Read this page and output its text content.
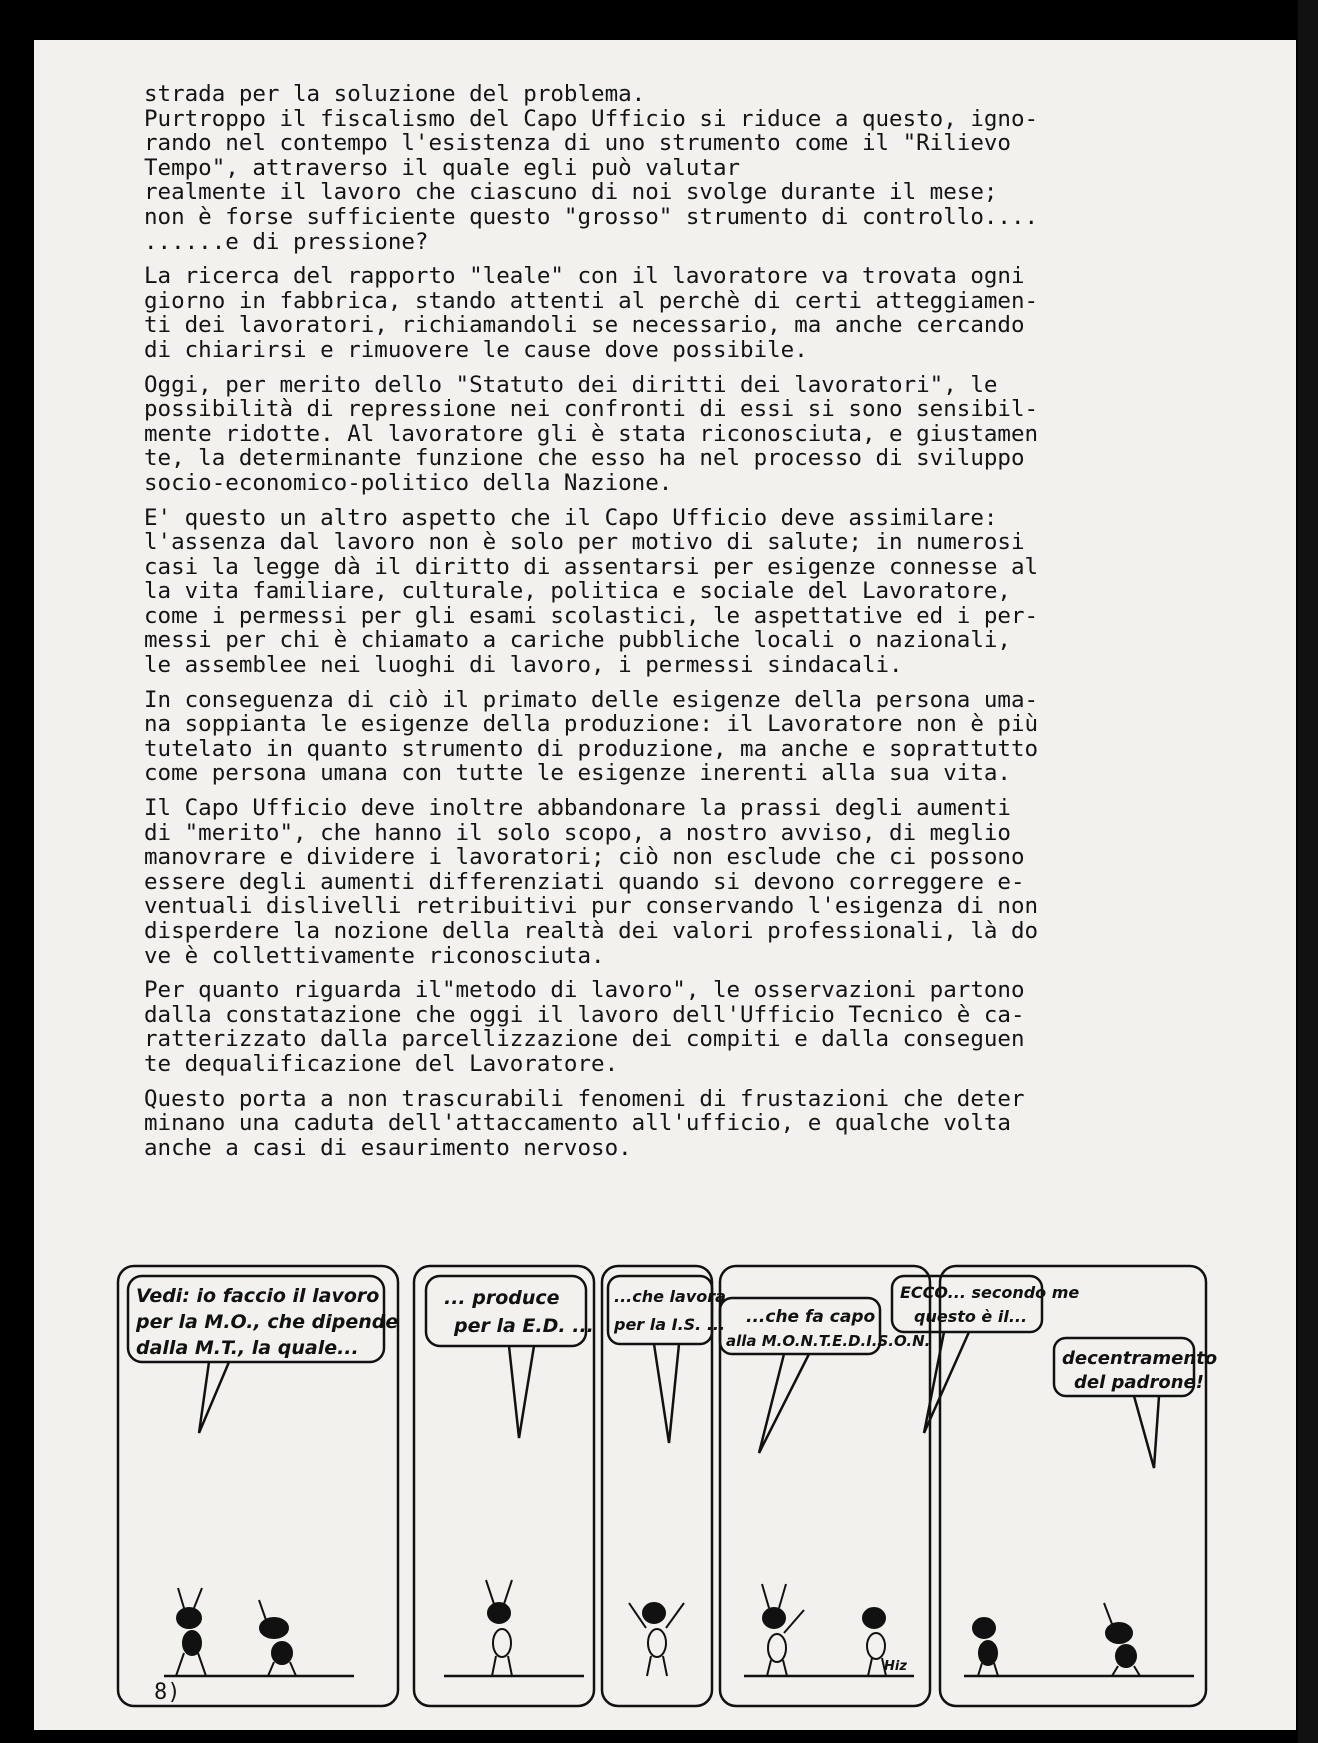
strada per la soluzione del problema.
Purtroppo il fiscalismo del Capo Ufficio si riduce a questo, igno-
rando nel contempo l'esistenza di uno strumento come il "Rilievo
Tempo", attraverso il quale egli può valutar
realmente il lavoro che ciascuno di noi svolge durante il mese;
non è forse sufficiente questo "grosso" strumento di controllo....
......e di pressione?

La ricerca del rapporto "leale" con il lavoratore va trovata ogni
giorno in fabbrica, stando attenti al perchè di certi atteggiamen-
ti dei lavoratori, richiamandoli se necessario, ma anche cercando
di chiarirsi e rimuovere le cause dove possibile.

Oggi, per merito dello "Statuto dei diritti dei lavoratori", le
possibilità di repressione nei confronti di essi si sono sensibil-
mente ridotte. Al lavoratore gli è stata riconosciuta, e giustamen
te, la determinante funzione che esso ha nel processo di sviluppo
socio-economico-politico della Nazione.

E' questo un altro aspetto che il Capo Ufficio deve assimilare:
l'assenza dal lavoro non è solo per motivo di salute; in numerosi
casi la legge dà il diritto di assentarsi per esigenze connesse al
la vita familiare, culturale, politica e sociale del Lavoratore,
come i permessi per gli esami scolastici, le aspettative ed i per-
messi per chi è chiamato a cariche pubbliche locali o nazionali,
le assemblee nei luoghi di lavoro, i permessi sindacali.

In conseguenza di ciò il primato delle esigenze della persona uma-
na soppianta le esigenze della produzione: il Lavoratore non è più
tutelato in quanto strumento di produzione, ma anche e soprattutto
come persona umana con tutte le esigenze inerenti alla sua vita.

Il Capo Ufficio deve inoltre abbandonare la prassi degli aumenti
di "merito", che hanno il solo scopo, a nostro avviso, di meglio
manovrare e dividere i lavoratori; ciò non esclude che ci possono
essere degli aumenti differenziati quando si devono correggere e-
ventuali dislivelli retribuitivi pur conservando l'esigenza di non
disperdere la nozione della realtà dei valori professionali, là do
ve è collettivamente riconosciuta.

Per quanto riguarda il"metodo di lavoro", le osservazioni partono
dalla constatazione che oggi il lavoro dell'Ufficio Tecnico è ca-
ratterizzato dalla parcellizzazione dei compiti e dalla conseguen
te dequalificazione del Lavoratore.

Questo porta a non trascurabili fenomeni di frustazioni che deter
minano una caduta dell'attaccamento all'ufficio, e qualche volta
anche a casi di esaurimento nervoso.

Vedi: io faccio il lavoro
per la M.O., che dipende
dalla M.T., la quale...
... produce
per la E.D. ...
...che lavora
per la I.S. ... ...che fa capo
alla M.O.N.T.E.D.I.S.O.N.
ECCO... secondo me
questo è il...
decentramento
del padrone!
Hiz
8)
